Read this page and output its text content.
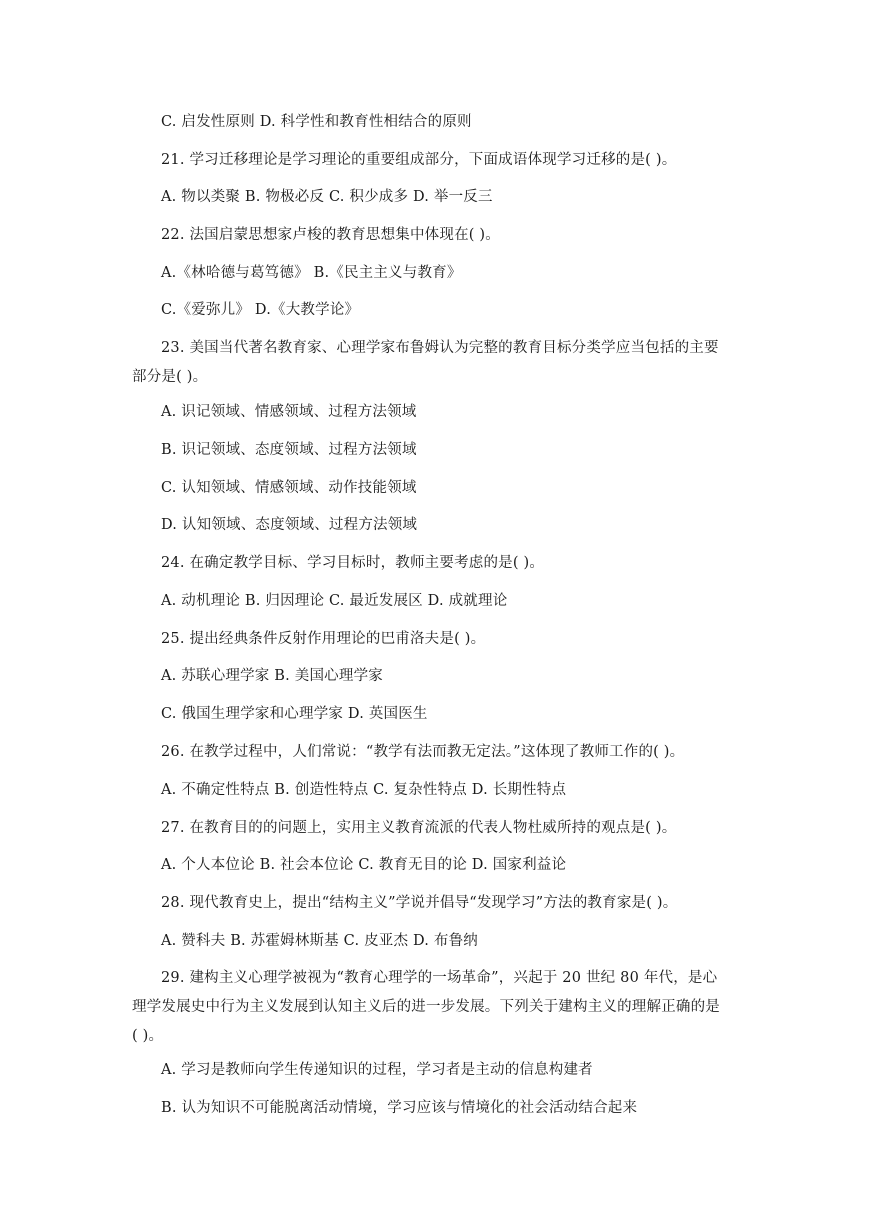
C. 启发性原则 D. 科学性和教育性相结合的原则
21. 学习迁移理论是学习理论的重要组成部分，下面成语体现学习迁移的是( )。
A. 物以类聚 B. 物极必反 C. 积少成多 D. 举一反三
22. 法国启蒙思想家卢梭的教育思想集中体现在( )。
A.《林哈德与葛笃德》 B.《民主主义与教育》
C.《爱弥儿》 D.《大教学论》
23. 美国当代著名教育家、心理学家布鲁姆认为完整的教育目标分类学应当包括的主要
部分是( )。
A. 识记领域、情感领域、过程方法领域
B. 识记领域、态度领域、过程方法领域
C. 认知领域、情感领域、动作技能领域
D. 认知领域、态度领域、过程方法领域
24. 在确定教学目标、学习目标时，教师主要考虑的是( )。
A. 动机理论 B. 归因理论 C. 最近发展区 D. 成就理论
25. 提出经典条件反射作用理论的巴甫洛夫是( )。
A. 苏联心理学家 B. 美国心理学家
C. 俄国生理学家和心理学家 D. 英国医生
26. 在教学过程中，人们常说：“教学有法而教无定法。”这体现了教师工作的( )。
A. 不确定性特点 B. 创造性特点 C. 复杂性特点 D. 长期性特点
27. 在教育目的的问题上，实用主义教育流派的代表人物杜威所持的观点是( )。
A. 个人本位论 B. 社会本位论 C. 教育无目的论 D. 国家利益论
28. 现代教育史上，提出“结构主义”学说并倡导“发现学习”方法的教育家是( )。
A. 赞科夫 B. 苏霍姆林斯基 C. 皮亚杰 D. 布鲁纳
29. 建构主义心理学被视为“教育心理学的一场革命”，兴起于 20 世纪 80 年代，是心
理学发展史中行为主义发展到认知主义后的进一步发展。下列关于建构主义的理解正确的是
( )。
A. 学习是教师向学生传递知识的过程，学习者是主动的信息构建者
B. 认为知识不可能脱离活动情境，学习应该与情境化的社会活动结合起来
